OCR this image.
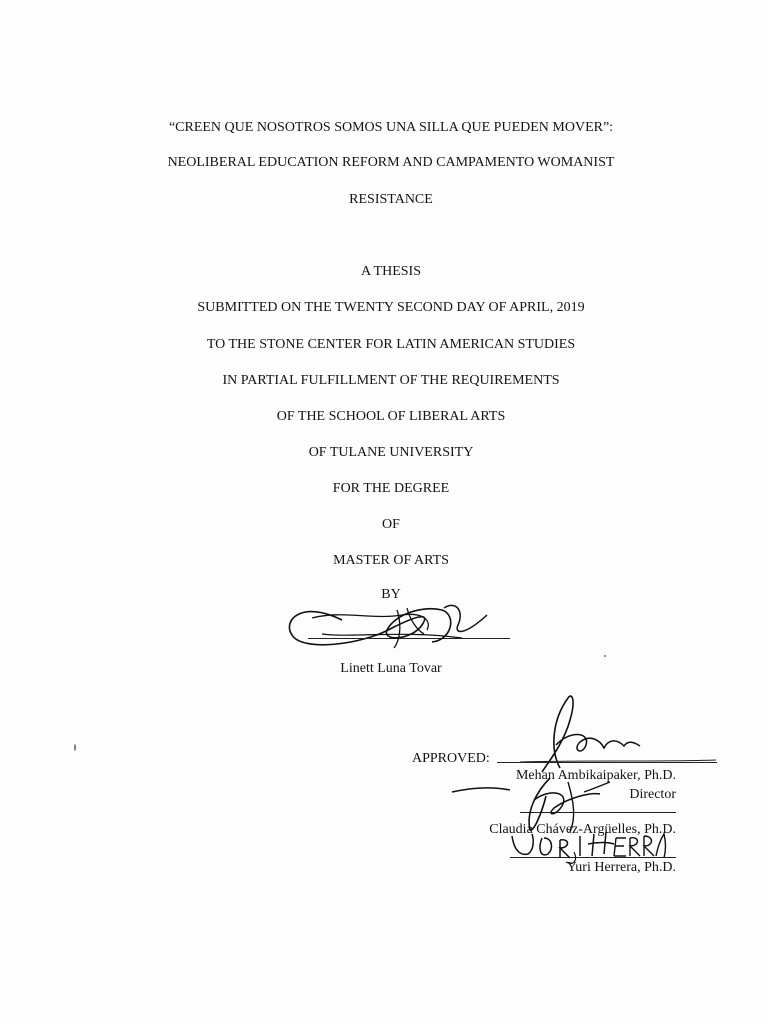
“CREEN QUE NOSOTROS SOMOS UNA SILLA QUE PUEDEN MOVER”:
NEOLIBERAL EDUCATION REFORM AND CAMPAMENTO WOMANIST
RESISTANCE
A THESIS
SUBMITTED ON THE TWENTY SECOND DAY OF APRIL, 2019
TO THE STONE CENTER FOR LATIN AMERICAN STUDIES
IN PARTIAL FULFILLMENT OF THE REQUIREMENTS
OF THE SCHOOL OF LIBERAL ARTS
OF TULANE UNIVERSITY
FOR THE DEGREE
OF
MASTER OF ARTS
BY
Linett Luna Tovar
APPROVED:
Mehan Ambikaipaker, Ph.D.
Director
Claudia Chávez-Argüelles, Ph.D.
Yuri Herrera, Ph.D.
